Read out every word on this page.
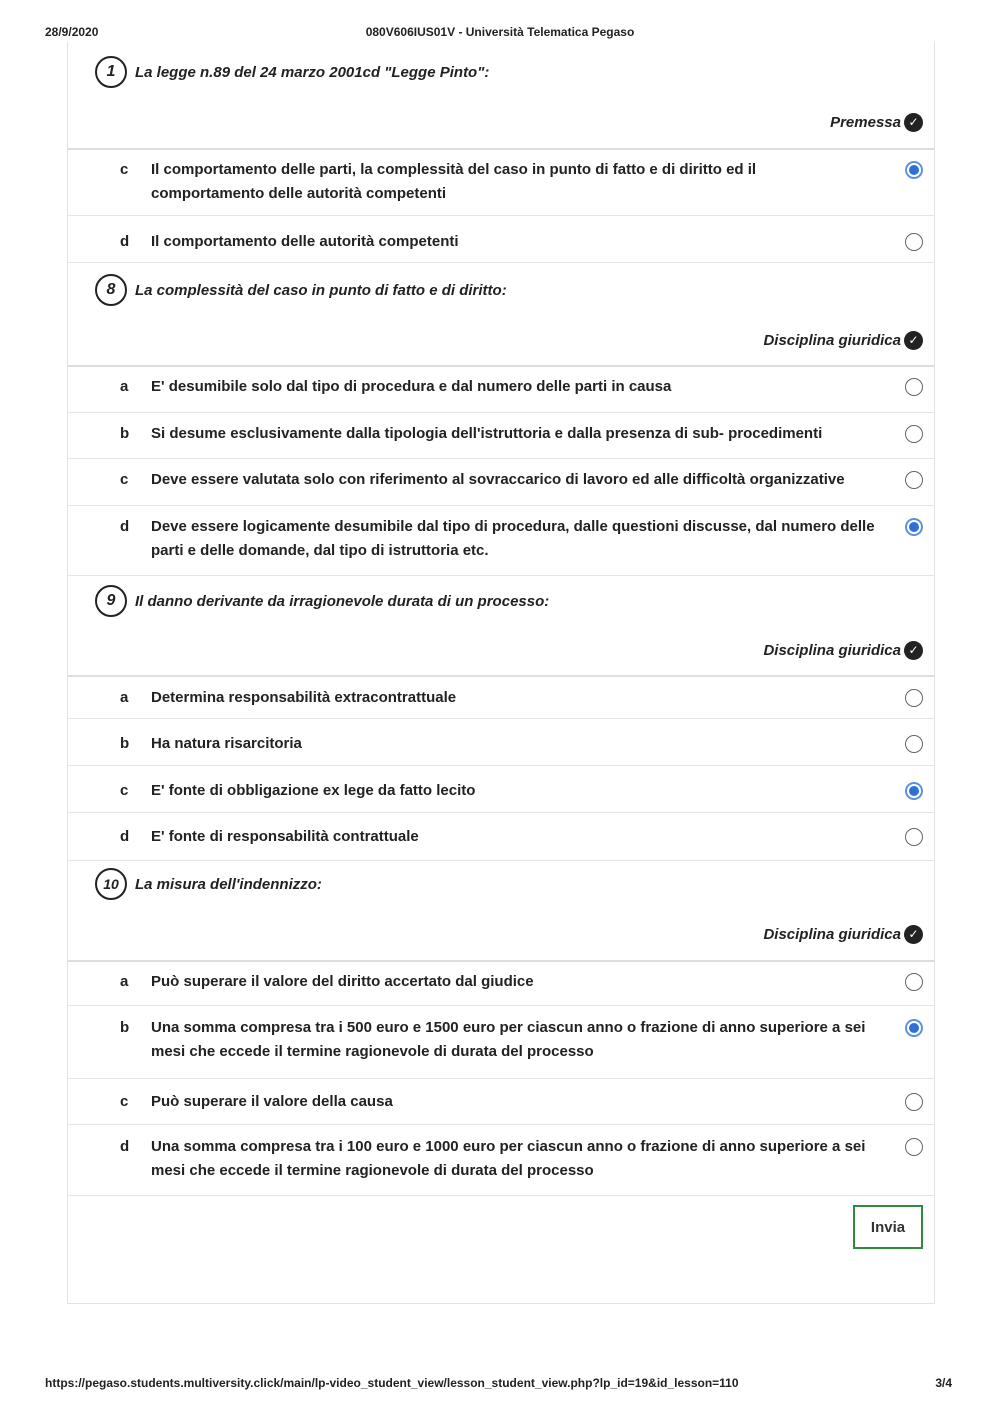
080V606IUS01V - Università Telematica Pegaso
28/9/2020
1	La legge n.89 del 24 marzo 2001cd "Legge Pinto":
Premessa ✓
c Il comportamento delle parti, la complessità del caso in punto di fatto e di diritto ed il comportamento delle autorità competenti
d Il comportamento delle autorità competenti
8	La complessità del caso in punto di fatto e di diritto:
Disciplina giuridica ✓
a E' desumibile solo dal tipo di procedura e dal numero delle parti in causa
b Si desume esclusivamente dalla tipologia dell'istruttoria e dalla presenza di sub- procedimenti
c Deve essere valutata solo con riferimento al sovraccarico di lavoro ed alle difficoltà organizzative
d Deve essere logicamente desumibile dal tipo di procedura, dalle questioni discusse, dal numero delle parti e delle domande, dal tipo di istruttoria etc.
9	Il danno derivante da irragionevole durata di un processo:
Disciplina giuridica ✓
a Determina responsabilità extracontrattuale
b Ha natura risarcitoria
c E' fonte di obbligazione ex lege da fatto lecito
d E' fonte di responsabilità contrattuale
10	La misura dell'indennizzo:
Disciplina giuridica ✓
a Può superare il valore del diritto accertato dal giudice
b Una somma compresa tra i 500 euro e 1500 euro per ciascun anno o frazione di anno superiore a sei mesi che eccede il termine ragionevole di durata del processo
c Può superare il valore della causa
d Una somma compresa tra i 100 euro e 1000 euro per ciascun anno o frazione di anno superiore a sei mesi che eccede il termine ragionevole di durata del processo
Invia
https://pegaso.students.multiversity.click/main/lp-video_student_view/lesson_student_view.php?lp_id=19&id_lesson=110	3/4
